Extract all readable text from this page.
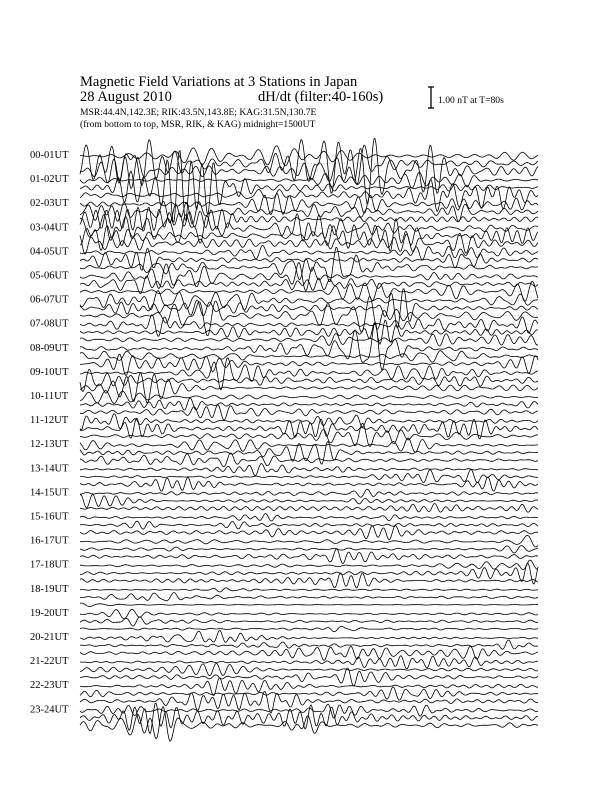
Magnetic Field Variations at 3 Stations in Japan
28 August 2010	dH/dt (filter:40-160s)
MSR:44.4N,142.3E; RIK:43.5N,143.8E; KAG:31.5N,130.7E
(from bottom to top, MSR, RIK, & KAG) midnight=1500UT
1.00 nT at T=80s
00-01UT
01-02UT
02-03UT
03-04UT
04-05UT
05-06UT
06-07UT
07-08UT
08-09UT
09-10UT
10-11UT
11-12UT
12-13UT
13-14UT
14-15UT
15-16UT
16-17UT
17-18UT
18-19UT
19-20UT
20-21UT
21-22UT
22-23UT
23-24UT
